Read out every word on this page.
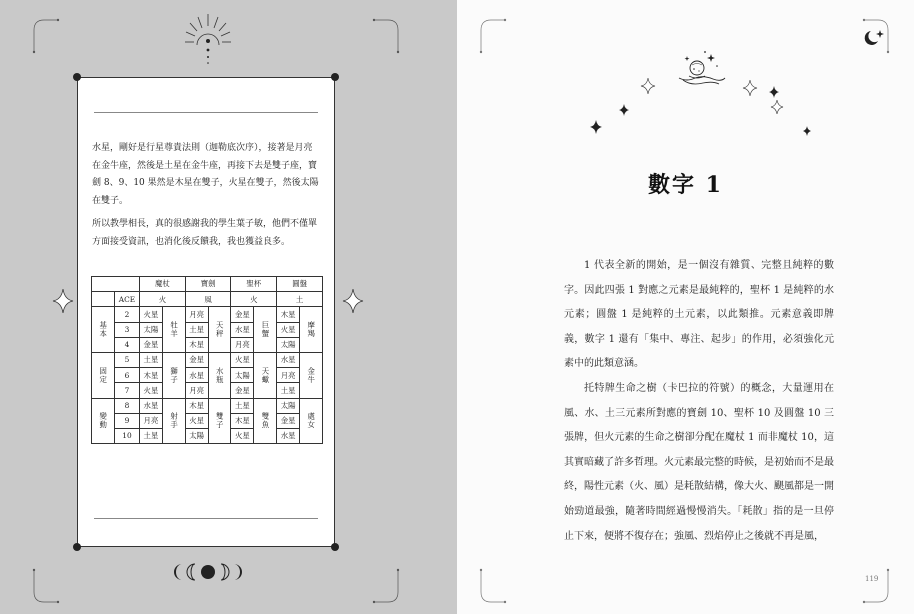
水星，剛好是行星尊貴法則（迦勒底次序），接著是月亮在金牛座，然後是土星在金牛座，再接下去是雙子座，寶劍 8、9、10 果然是木星在雙子，火星在雙子，然後太陽在雙子。

所以教學相長，真的很感謝我的學生葉子敏，他們不僅單方面接受資訊，也消化後反饋我，我也獲益良多。

		魔杖		寶劍		聖杯		圓盤	
	ACE	火		風		火		土	
基本	2	火星	牡羊	月亮	天秤	金星	巨蟹	木星	摩羯
	3	太陽		土星		水星		火星	
	4	金星		木星		月亮		太陽	
固定	5	土星	獅子	金星	水瓶	火星	天蠍	水星	金牛
	6	木星		水星		太陽		月亮	
	7	火星		月亮		金星		土星	
變動	8	水星	射手	木星	雙子	土星	雙魚	太陽	處女
	9	月亮		火星		木星		金星	
	10	土星		太陽		火星		水星	
數字 1

1 代表全新的開始，是一個沒有雜質、完整且純粹的數字。因此四張 1 對應之元素是最純粹的，聖杯 1 是純粹的水元素；圓盤 1 是純粹的土元素，以此類推。元素意義即牌義，數字 1 還有「集中、專注、起步」的作用，必須強化元素中的此類意涵。

托特牌生命之樹（卡巴拉的符號）的概念，大量運用在風、水、土三元素所對應的寶劍 10、聖杯 10 及圓盤 10 三張牌，但火元素的生命之樹卻分配在魔杖 1 而非魔杖 10，這其實暗藏了許多哲理。火元素最完整的時候，是初始而不是最終，陽性元素（火、風）是耗散結構，像大火、颶風都是一開始勁道最強，隨著時間經過慢慢消失。「耗散」指的是一旦停止下來，便將不復存在；強風、烈焰停止之後就不再是風，

119
